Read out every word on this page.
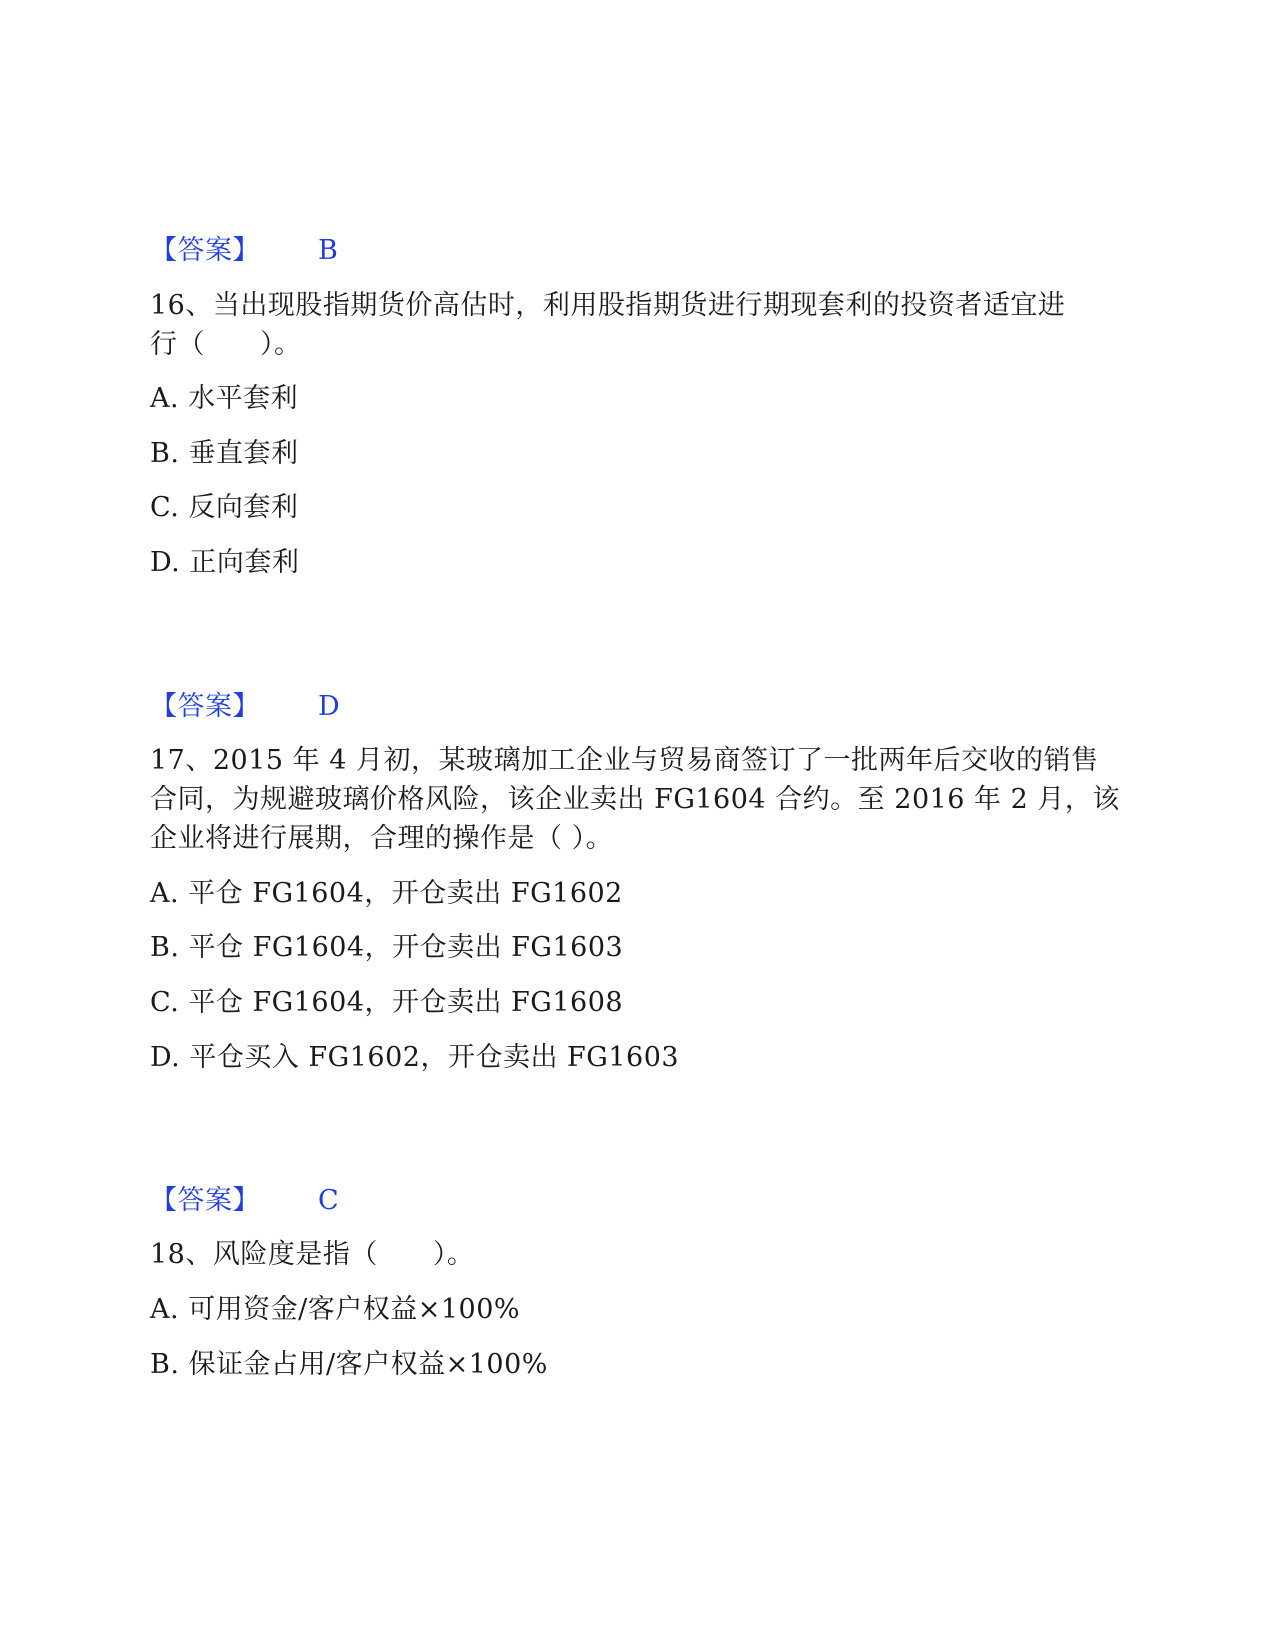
【答案】 B
16、当出现股指期货价高估时，利用股指期货进行期现套利的投资者适宜进
行（　　）。
A. 水平套利
B. 垂直套利
C. 反向套利
D. 正向套利
【答案】 D
17、2015 年 4 月初，某玻璃加工企业与贸易商签订了一批两年后交收的销售
合同，为规避玻璃价格风险，该企业卖出 FG1604 合约。至 2016 年 2 月，该
企业将进行展期，合理的操作是（ ）。
A. 平仓 FG1604，开仓卖出 FG1602
B. 平仓 FG1604，开仓卖出 FG1603
C. 平仓 FG1604，开仓卖出 FG1608
D. 平仓买入 FG1602，开仓卖出 FG1603
【答案】 C
18、风险度是指（　　）。
A. 可用资金/客户权益×100%
B. 保证金占用/客户权益×100%
